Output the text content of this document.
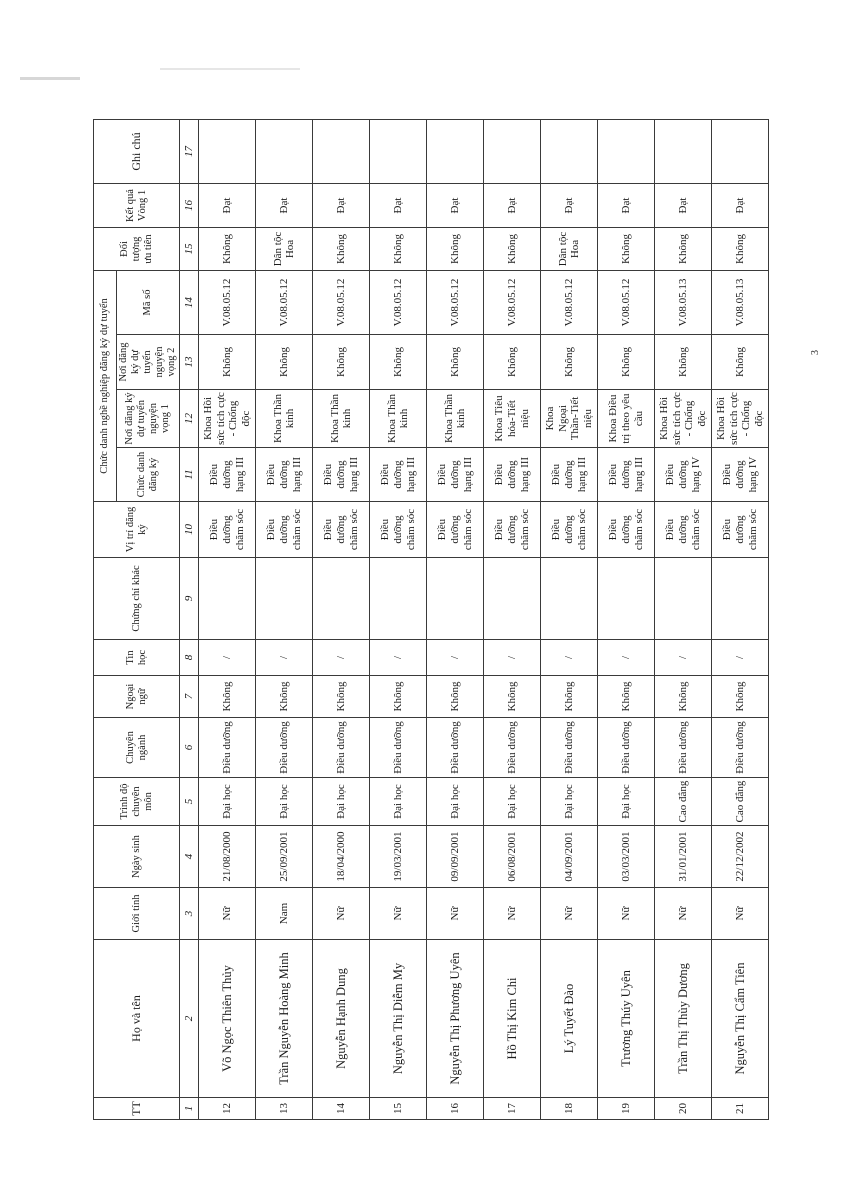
TT	Họ và tên	Giới tính	Ngày sinh	Trình độ chuyên môn	Chuyên ngành	Ngoại ngữ	Tin học	Chứng chỉ khác	Vị trí đăng ký	Chức danh nghề nghiệp đăng ký dự tuyển				Đối tượng ưu tiên	Kết quả Vòng 1	Ghi chú
										Chức danh đăng ký	Nơi đăng ký dự tuyển nguyện vọng 1	Nơi đăng ký dự tuyển nguyện vọng 2	Mã số			
1	2	3	4	5	6	7	8	9	10	11	12	13	14	15	16	17
12	Võ Ngọc Thiên Thủy	Nữ	21/08/2000	Đại học	Điều dưỡng	Không	/		Điều dưỡng chăm sóc	Điều dưỡng hạng III	Khoa Hồi sức tích cực - Chống độc	Không	V.08.05.12	Không	Đạt	
13	Trần Nguyễn Hoàng Minh	Nam	25/09/2001	Đại học	Điều dưỡng	Không	/		Điều dưỡng chăm sóc	Điều dưỡng hạng III	Khoa Thần kinh	Không	V.08.05.12	Dân tộc Hoa	Đạt	
14	Nguyễn Hạnh Dung	Nữ	18/04/2000	Đại học	Điều dưỡng	Không	/		Điều dưỡng chăm sóc	Điều dưỡng hạng III	Khoa Thần kinh	Không	V.08.05.12	Không	Đạt	
15	Nguyễn Thị Diễm My	Nữ	19/03/2001	Đại học	Điều dưỡng	Không	/		Điều dưỡng chăm sóc	Điều dưỡng hạng III	Khoa Thần kinh	Không	V.08.05.12	Không	Đạt	
16	Nguyễn Thị Phương Uyên	Nữ	09/09/2001	Đại học	Điều dưỡng	Không	/		Điều dưỡng chăm sóc	Điều dưỡng hạng III	Khoa Thần kinh	Không	V.08.05.12	Không	Đạt	
17	Hồ Thị Kim Chi	Nữ	06/08/2001	Đại học	Điều dưỡng	Không	/		Điều dưỡng chăm sóc	Điều dưỡng hạng III	Khoa Tiêu hóa-Tiết niệu	Không	V.08.05.12	Không	Đạt	
18	Lý Tuyết Đào	Nữ	04/09/2001	Đại học	Điều dưỡng	Không	/		Điều dưỡng chăm sóc	Điều dưỡng hạng III	Khoa Ngoại Thần-Tiết niệu	Không	V.08.05.12	Dân tộc Hoa	Đạt	
19	Trương Thúy Uyên	Nữ	03/03/2001	Đại học	Điều dưỡng	Không	/		Điều dưỡng chăm sóc	Điều dưỡng hạng III	Khoa Điều trị theo yêu cầu	Không	V.08.05.12	Không	Đạt	
20	Trần Thị Thùy Dương	Nữ	31/01/2001	Cao đẳng	Điều dưỡng	Không	/		Điều dưỡng chăm sóc	Điều dưỡng hạng IV	Khoa Hồi sức tích cực - Chống độc	Không	V.08.05.13	Không	Đạt	
21	Nguyễn Thị Cẩm Tiên	Nữ	22/12/2002	Cao đẳng	Điều dưỡng	Không	/		Điều dưỡng chăm sóc	Điều dưỡng hạng IV	Khoa Hồi sức tích cực - Chống độc	Không	V.08.05.13	Không	Đạt	
3
